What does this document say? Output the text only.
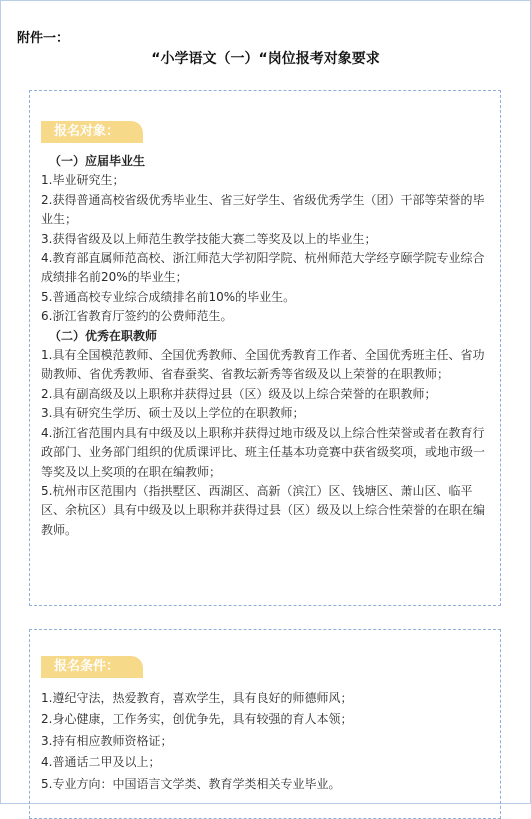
附件一：
“小学语文（一）“岗位报考对象要求
报名对象：
（一）应届毕业生
1.毕业研究生；
2.获得普通高校省级优秀毕业生、省三好学生、省级优秀学生（团）干部等荣誉的毕业生；
3.获得省级及以上师范生教学技能大赛二等奖及以上的毕业生；
4.教育部直属师范高校、浙江师范大学初阳学院、杭州师范大学经亨颐学院专业综合成绩排名前20%的毕业生；
5.普通高校专业综合成绩排名前10%的毕业生。
6.浙江省教育厅签约的公费师范生。
（二）优秀在职教师
1.具有全国模范教师、全国优秀教师、全国优秀教育工作者、全国优秀班主任、省功勋教师、省优秀教师、省春蚕奖、省教坛新秀等省级及以上荣誉的在职教师；
2.具有副高级及以上职称并获得过县（区）级及以上综合荣誉的在职教师；
3.具有研究生学历、硕士及以上学位的在职教师；
4.浙江省范围内具有中级及以上职称并获得过地市级及以上综合性荣誉或者在教育行政部门、业务部门组织的优质课评比、班主任基本功竞赛中获省级奖项，或地市级一等奖及以上奖项的在职在编教师；
5.杭州市区范围内（指拱墅区、西湖区、高新（滨江）区、钱塘区、萧山区、临平区、余杭区）具有中级及以上职称并获得过县（区）级及以上综合性荣誉的在职在编教师。
报名条件：
1.遵纪守法，热爱教育，喜欢学生，具有良好的师德师风；
2.身心健康，工作务实，创优争先，具有较强的育人本领；
3.持有相应教师资格证；
4.普通话二甲及以上；
5.专业方向：中国语言文学类、教育学类相关专业毕业。
